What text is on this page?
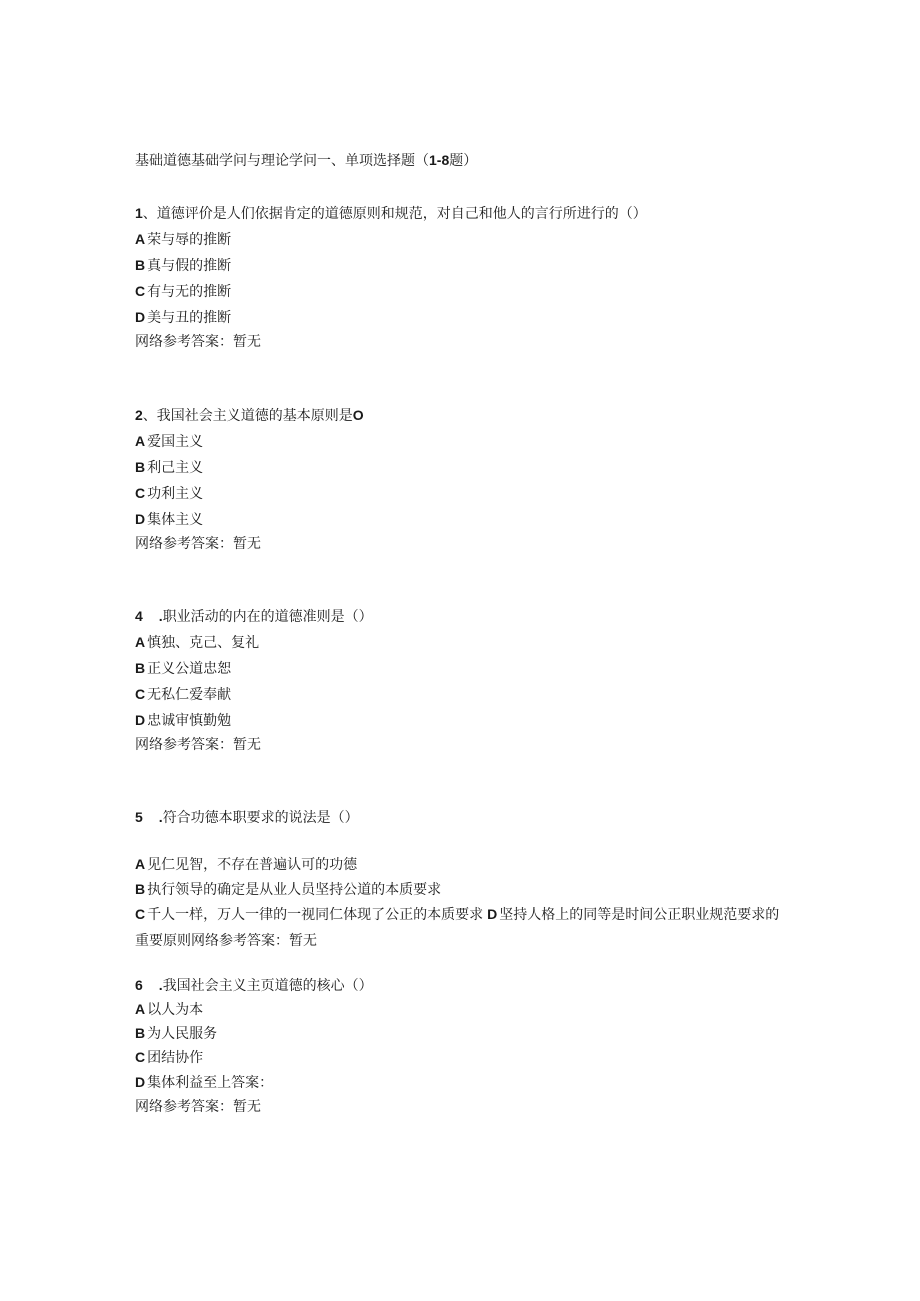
基础道德基础学问与理论学问一、单项选择题（1-8题）
1、道德评价是人们依据肯定的道德原则和规范，对自己和他人的言行所进行的（）
A 荣与辱的推断
B 真与假的推断
C 有与无的推断
D 美与丑的推断
网络参考答案：暂无
2、我国社会主义道德的基本原则是O
A 爱国主义
B 利己主义
C 功利主义
D 集体主义
网络参考答案：暂无
4 .职业活动的内在的道德准则是（）
A 慎独、克己、复礼
B 正义公道忠恕
C 无私仁爱奉献
D 忠诚审慎勤勉
网络参考答案：暂无
5 .符合功德本职要求的说法是（）
A 见仁见智，不存在普遍认可的功德
B 执行领导的确定是从业人员坚持公道的本质要求
C 千人一样，万人一律的一视同仁体现了公正的本质要求 D 坚持人格上的同等是时间公正职业规范要求的重要原则网络参考答案：暂无
6 .我国社会主义主页道德的核心（）
A 以人为本
B 为人民服务
C 团结协作
D 集体利益至上答案：
网络参考答案：暂无
